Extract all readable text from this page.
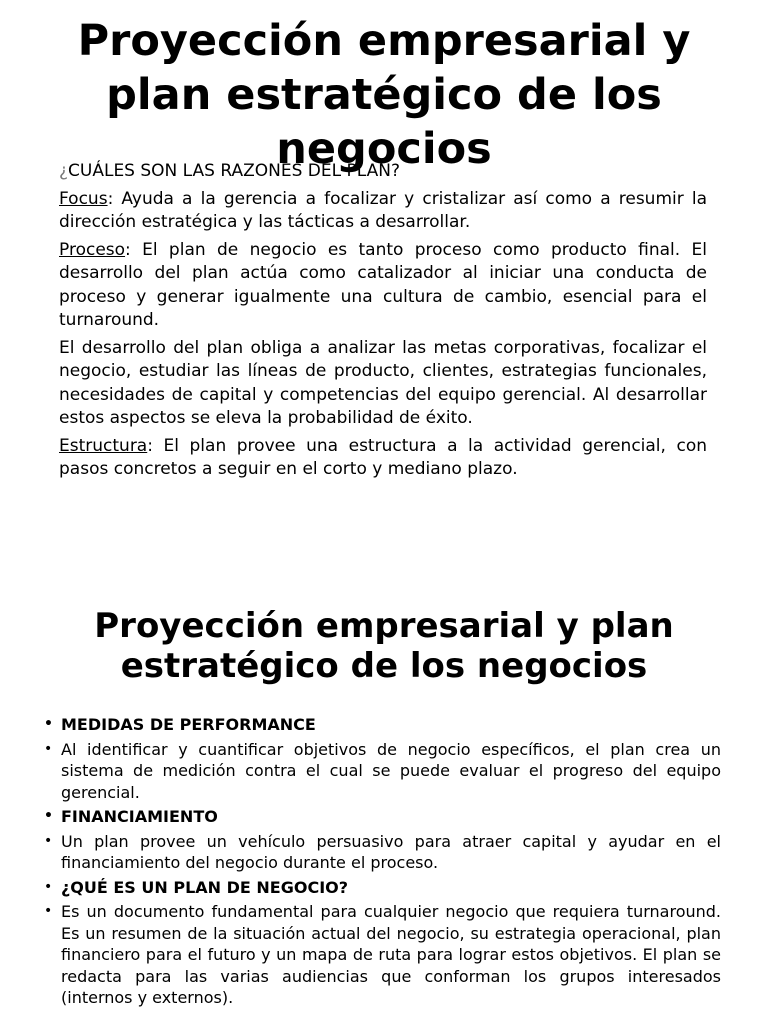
Proyección empresarial y plan estratégico de los negocios

¿CUÁLES SON LAS RAZONES DEL PLAN?

Focus: Ayuda a la gerencia a focalizar y cristalizar así como a resumir la dirección estratégica y las tácticas a desarrollar.

Proceso: El plan de negocio es tanto proceso como producto final. El desarrollo del plan actúa como catalizador al iniciar una conducta de proceso y generar igualmente una cultura de cambio, esencial para el turnaround.

El desarrollo del plan obliga a analizar las metas corporativas, focalizar el negocio, estudiar las líneas de producto, clientes, estrategias funcionales, necesidades de capital y competencias del equipo gerencial. Al desarrollar estos aspectos se eleva la probabilidad de éxito.

Estructura: El plan provee una estructura a la actividad gerencial, con pasos concretos a seguir en el corto y mediano plazo.

Proyección empresarial y plan estratégico de los negocios
• MEDIDAS DE PERFORMANCE
• Al identificar y cuantificar objetivos de negocio específicos, el plan crea un sistema de medición contra el cual se puede evaluar el progreso del equipo gerencial.
• FINANCIAMIENTO
• Un plan provee un vehículo persuasivo para atraer capital y ayudar en el financiamiento del negocio durante el proceso.
• ¿QUÉ ES UN PLAN DE NEGOCIO?
• Es un documento fundamental para cualquier negocio que requiera turnaround. Es un resumen de la situación actual del negocio, su estrategia operacional, plan financiero para el futuro y un mapa de ruta para lograr estos objetivos. El plan se redacta para las varias audiencias que conforman los grupos interesados (internos y externos).
